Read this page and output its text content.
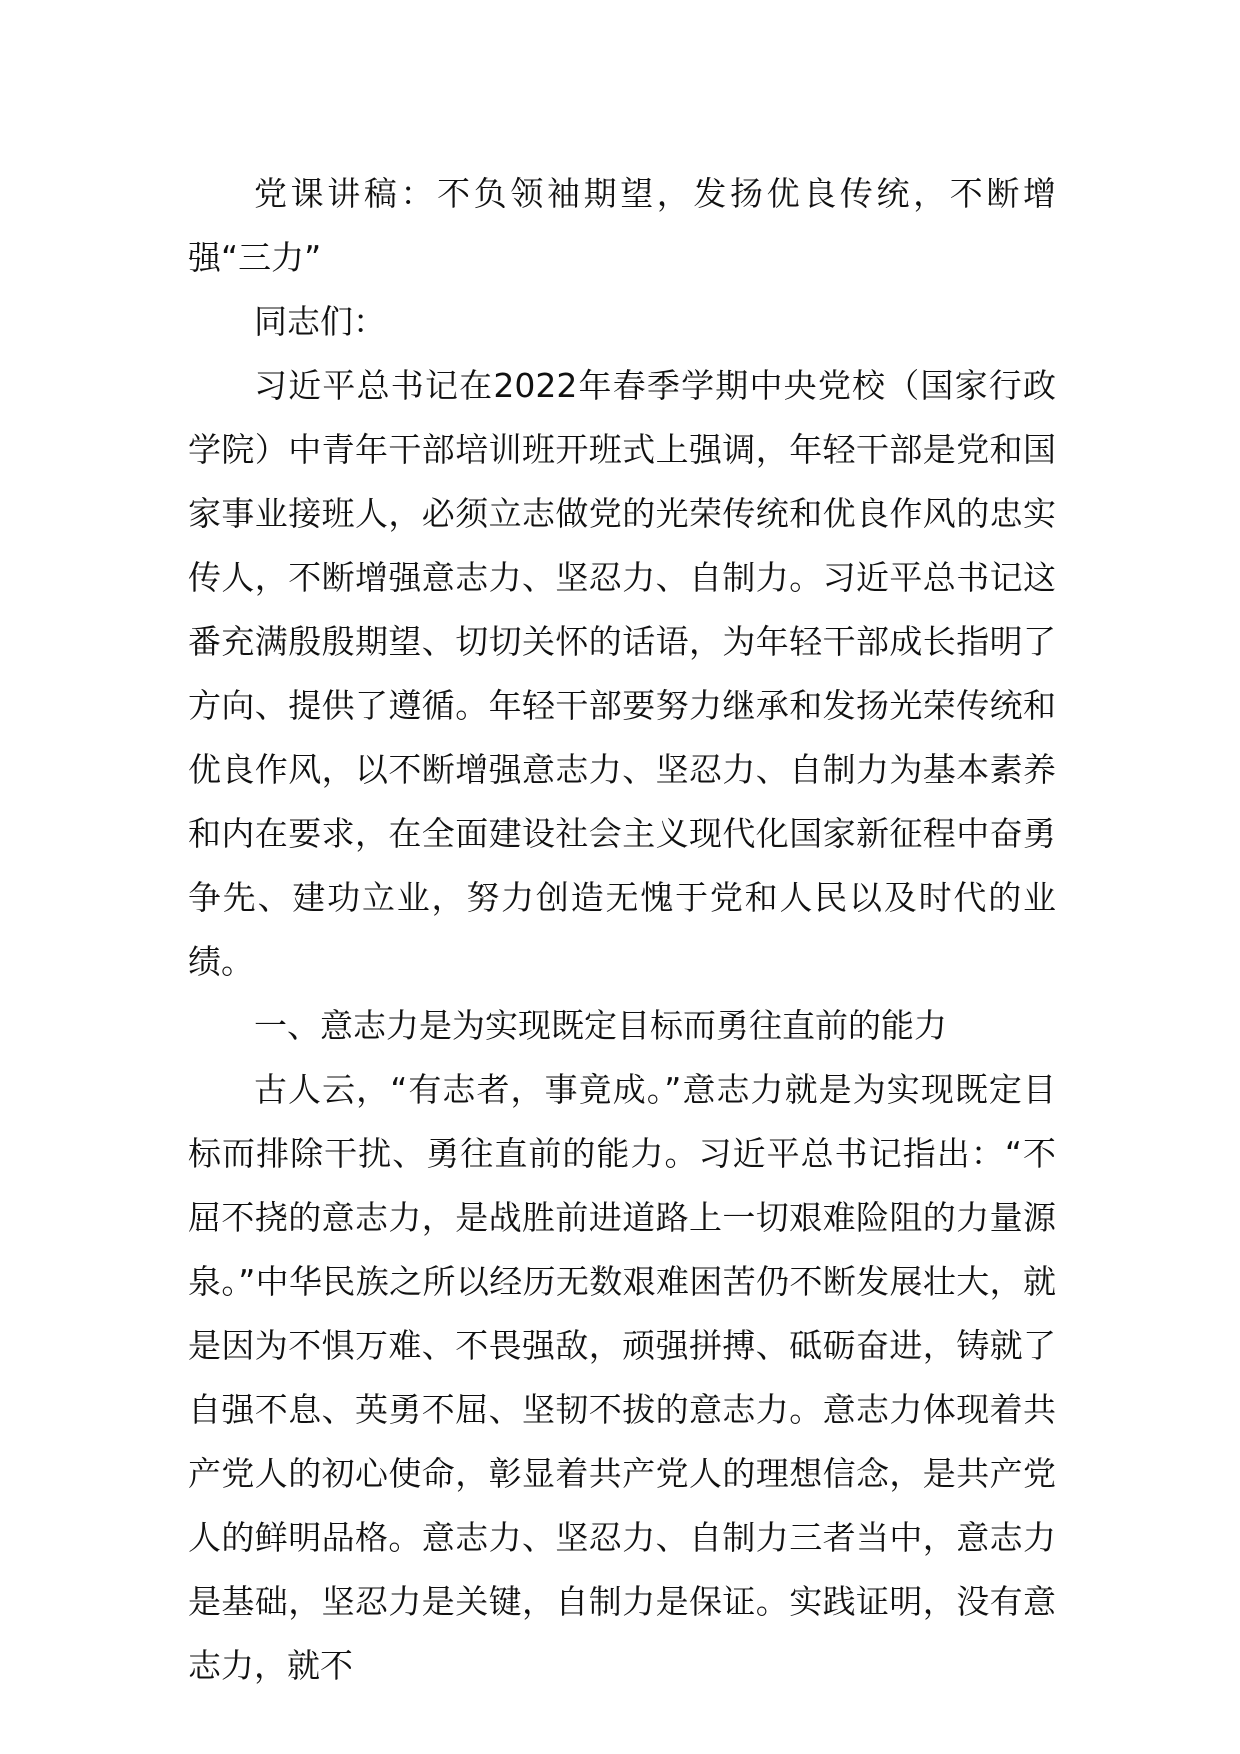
党课讲稿：不负领袖期望，发扬优良传统，不断增强“三力”

同志们：

习近平总书记在2022年春季学期中央党校（国家行政学院）中青年干部培训班开班式上强调，年轻干部是党和国家事业接班人，必须立志做党的光荣传统和优良作风的忠实传人，不断增强意志力、坚忍力、自制力。习近平总书记这番充满殷殷期望、切切关怀的话语，为年轻干部成长指明了方向、提供了遵循。年轻干部要努力继承和发扬光荣传统和优良作风，以不断增强意志力、坚忍力、自制力为基本素养和内在要求，在全面建设社会主义现代化国家新征程中奋勇争先、建功立业，努力创造无愧于党和人民以及时代的业绩。

一、意志力是为实现既定目标而勇往直前的能力

古人云，“有志者，事竟成。”意志力就是为实现既定目标而排除干扰、勇往直前的能力。习近平总书记指出：“不屈不挠的意志力，是战胜前进道路上一切艰难险阻的力量源泉。”中华民族之所以经历无数艰难困苦仍不断发展壮大，就是因为不惧万难、不畏强敌，顽强拼搏、砥砺奋进，铸就了自强不息、英勇不屈、坚韧不拔的意志力。意志力体现着共产党人的初心使命，彰显着共产党人的理想信念，是共产党人的鲜明品格。意志力、坚忍力、自制力三者当中，意志力是基础，坚忍力是关键，自制力是保证。实践证明，没有意志力，就不
